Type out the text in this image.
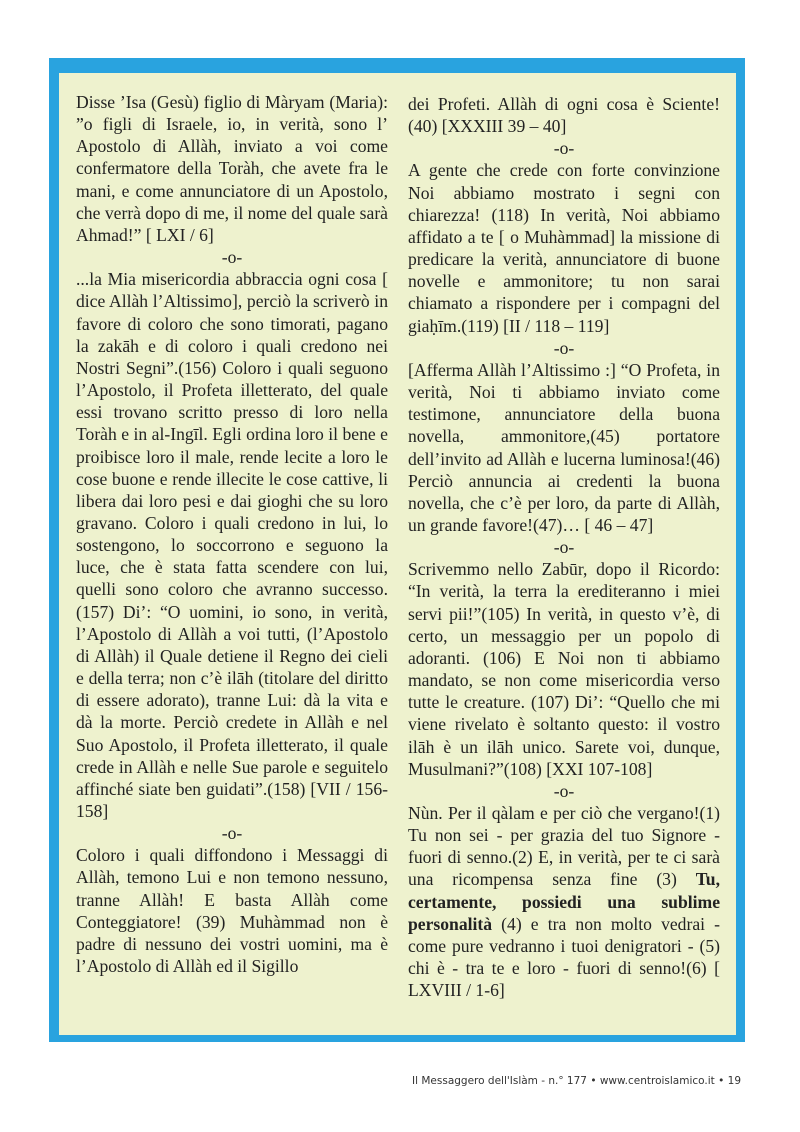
Disse ’Isa (Gesù) figlio di Màryam (Maria): ”o figli di Israele, io, in verità, sono l’ Apostolo di Allàh, inviato a voi come confermatore della Toràh, che avete fra le mani, e come annunciatore di un Apostolo, che verrà dopo di me, il nome del quale sarà Ahmad!” [ LXI / 6]

-o-

...la Mia misericordia abbraccia ogni cosa [ dice Allàh l’Altissimo], perciò la scriverò in favore di coloro che sono timorati, pagano la zakāh e di coloro i quali credono nei Nostri Segni”.(156) Coloro i quali seguono l’Apostolo, il Profeta illetterato, del quale essi trovano scritto presso di loro nella Toràh e in al-Ingīl. Egli ordina loro il bene e proibisce loro il male, rende lecite a loro le cose buone e rende illecite le cose cattive, li libera dai loro pesi e dai gioghi che su loro gravano. Coloro i quali credono in lui, lo sostengono, lo soccorrono e seguono la luce, che è stata fatta scendere con lui, quelli sono coloro che avranno successo.(157) Di’: “O uomini, io sono, in verità, l’Apostolo di Allàh a voi tutti, (l’Apostolo di Allàh) il Quale detiene il Regno dei cieli e della terra; non c’è ilāh (titolare del diritto di essere adorato), tranne Lui: dà la vita e dà la morte. Perciò credete in Allàh e nel Suo Apostolo, il Profeta illetterato, il quale crede in Allàh e nelle Sue parole e seguitelo affinché siate ben guidati”.(158) [VII / 156-158]

-o-

Coloro i quali diffondono i Messaggi di Allàh, temono Lui e non temono nessuno, tranne Allàh! E basta Allàh come Conteggiatore! (39) Muhàmmad non è padre di nessuno dei vostri uomini, ma è l’Apostolo di Allàh ed il Sigillo

dei Profeti. Allàh di ogni cosa è Sciente!(40) [XXXIII 39 – 40]

-o-

A gente che crede con forte convinzione Noi abbiamo mostrato i segni con chiarezza! (118) In verità, Noi abbiamo affidato a te [ o Muhàmmad] la missione di predicare la verità, annunciatore di buone novelle e ammonitore; tu non sarai chiamato a rispondere per i compagni del giaḥīm.(119) [II / 118 – 119]

-o-

[Afferma Allàh l’Altissimo :] “O Profeta, in verità, Noi ti abbiamo inviato come testimone, annunciatore della buona novella, ammonitore,(45) portatore dell’invito ad Allàh e lucerna luminosa!(46) Perciò annuncia ai credenti la buona novella, che c’è per loro, da parte di Allàh, un grande favore!(47)… [ 46 – 47]

-o-

Scrivemmo nello Zabūr, dopo il Ricordo: “In verità, la terra la erediteranno i miei servi pii!”(105) In verità, in questo v’è, di certo, un messaggio per un popolo di adoranti. (106) E Noi non ti abbiamo mandato, se non come misericordia verso tutte le creature. (107) Di’: “Quello che mi viene rivelato è soltanto questo: il vostro ilāh è un ilāh unico. Sarete voi, dunque, Musulmani?”(108) [XXI 107-108]

-o-

Nùn. Per il qàlam e per ciò che vergano!(1) Tu non sei - per grazia del tuo Signore - fuori di senno.(2) E, in verità, per te ci sarà una ricompensa senza fine (3) Tu, certamente, possiedi una sublime personalità (4) e tra non molto vedrai - come pure vedranno i tuoi denigratori - (5) chi è - tra te e loro - fuori di senno!(6) [ LXVIII / 1-6]

Il Messaggero dell'Islàm - n.° 177 • www.centroislamico.it • 19
